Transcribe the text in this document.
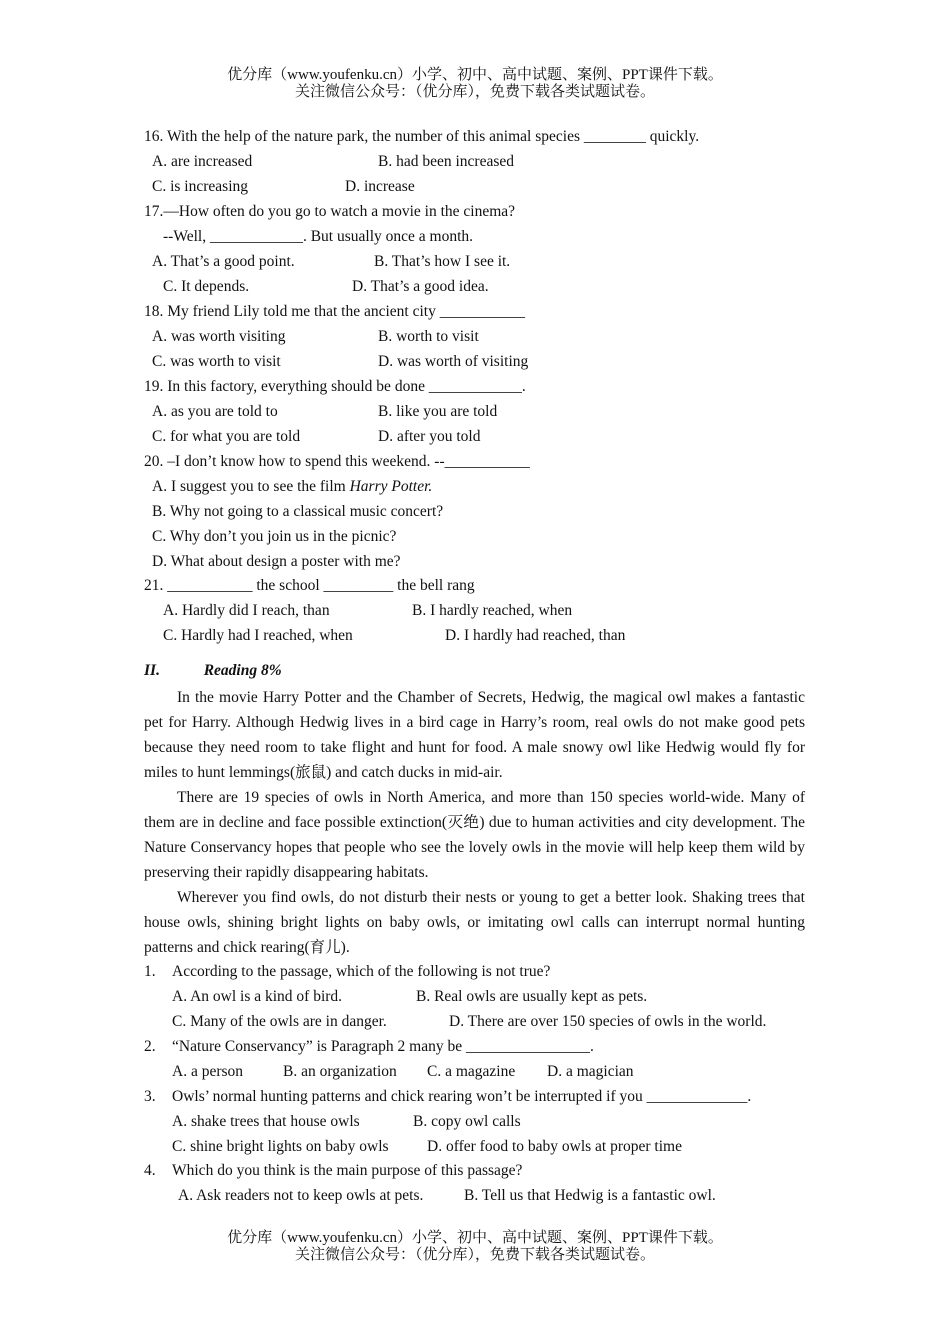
优分库（www.youfenku.cn）小学、初中、高中试题、案例、PPT课件下载。
关注微信公众号：（优分库），免费下载各类试题试卷。
16. With the help of the nature park, the number of this animal species ________ quickly.
A. are increased	B. had been increased
C. is increasing	D. increase
17.—How often do you go to watch a movie in the cinema?
--Well, ____________. But usually once a month.
A. That’s a good point.	B. That’s how I see it.
C. It depends.	D. That’s a good idea.
18. My friend Lily told me that the ancient city ___________
A. was worth visiting	B. worth to visit
C. was worth to visit	D. was worth of visiting
19. In this factory, everything should be done ____________.
A. as you are told to	B. like you are told
C. for what you are told	D. after you told
20. –I don’t know how to spend this weekend. --___________
A. I suggest you to see the film Harry Potter.
B. Why not going to a classical music concert?
C. Why don’t you join us in the picnic?
D. What about design a poster with me?
21. ___________ the school _________ the bell rang
A. Hardly did I reach, than	B. I hardly reached, when
C. Hardly had I reached, when	D. I hardly had reached, than
II.	Reading 8%
In the movie Harry Potter and the Chamber of Secrets, Hedwig, the magical owl makes a fantastic pet for Harry. Although Hedwig lives in a bird cage in Harry’s room, real owls do not make good pets because they need room to take flight and hunt for food. A male snowy owl like Hedwig would fly for miles to hunt lemmings(旅鼠) and catch ducks in mid-air.
There are 19 species of owls in North America, and more than 150 species world-wide. Many of them are in decline and face possible extinction(灭绝) due to human activities and city development. The Nature Conservancy hopes that people who see the lovely owls in the movie will help keep them wild by preserving their rapidly disappearing habitats.
Wherever you find owls, do not disturb their nests or young to get a better look. Shaking trees that house owls, shining bright lights on baby owls, or imitating owl calls can interrupt normal hunting patterns and chick rearing(育儿).
1. According to the passage, which of the following is not true?
A. An owl is a kind of bird.	B. Real owls are usually kept as pets.
C. Many of the owls are in danger.	D. There are over 150 species of owls in the world.
2. “Nature Conservancy” is Paragraph 2 many be ________________.
A. a person	B. an organization C. a magazine D. a magician
3. Owls’ normal hunting patterns and chick rearing won’t be interrupted if you _____________.
A. shake trees that house owls	B. copy owl calls
C. shine bright lights on baby owls D. offer food to baby owls at proper time
4. Which do you think is the main purpose of this passage?
A. Ask readers not to keep owls at pets.	B. Tell us that Hedwig is a fantastic owl.
优分库（www.youfenku.cn）小学、初中、高中试题、案例、PPT课件下载。
关注微信公众号：（优分库），免费下载各类试题试卷。
